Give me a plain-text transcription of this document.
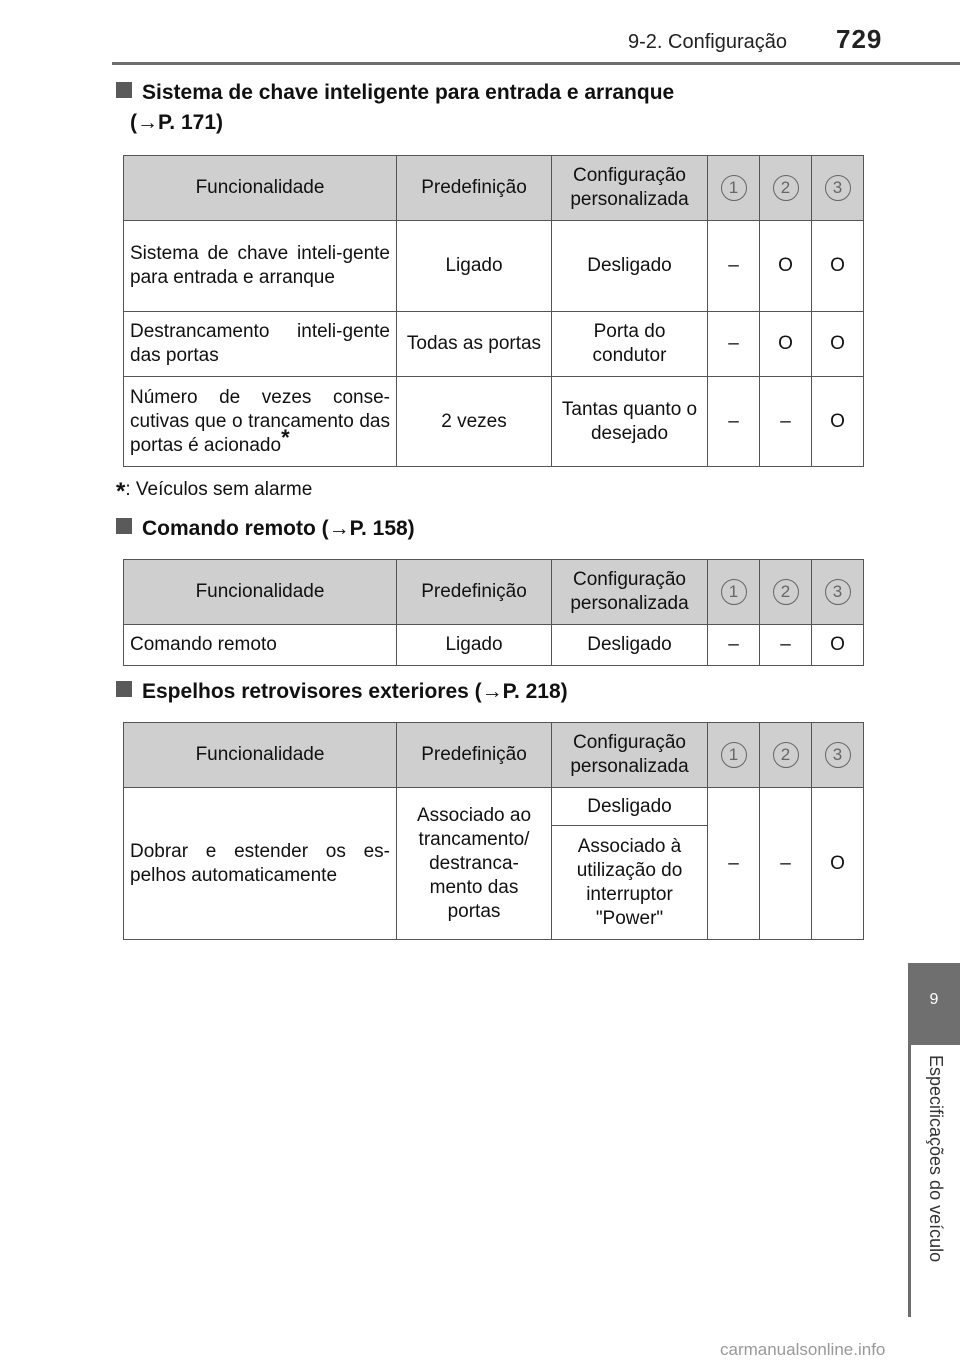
9-2. Configuração 729
9
Especificações do veículo
Sistema de chave inteligente para entrada e arranque
(→P. 171)
Funcionalidade	Predefinição	Configuração personalizada	1	2	3
Sistema de chave inteli-gente para entrada e arranque	Ligado	Desligado	–	O	O
Destrancamento inteli-gente das portas	Todas as portas	Porta do condutor	–	O	O
Número de vezes conse-cutivas que o trancamento das portas é acionado*	2 vezes	Tantas quanto o desejado	–	–	O
*: Veículos sem alarme
Comando remoto (→P. 158)
Funcionalidade	Predefinição	Configuração personalizada	1	2	3
Comando remoto	Ligado	Desligado	–	–	O
Espelhos retrovisores exteriores (→P. 218)
Funcionalidade	Predefinição	Configuração personalizada	1	2	3
Dobrar e estender os es-pelhos automaticamente	Associado ao trancamento/ destranca-mento das portas	Desligado	–	–	O
		Associado à utilização do interruptor "Power"			
carmanualsonline.info
